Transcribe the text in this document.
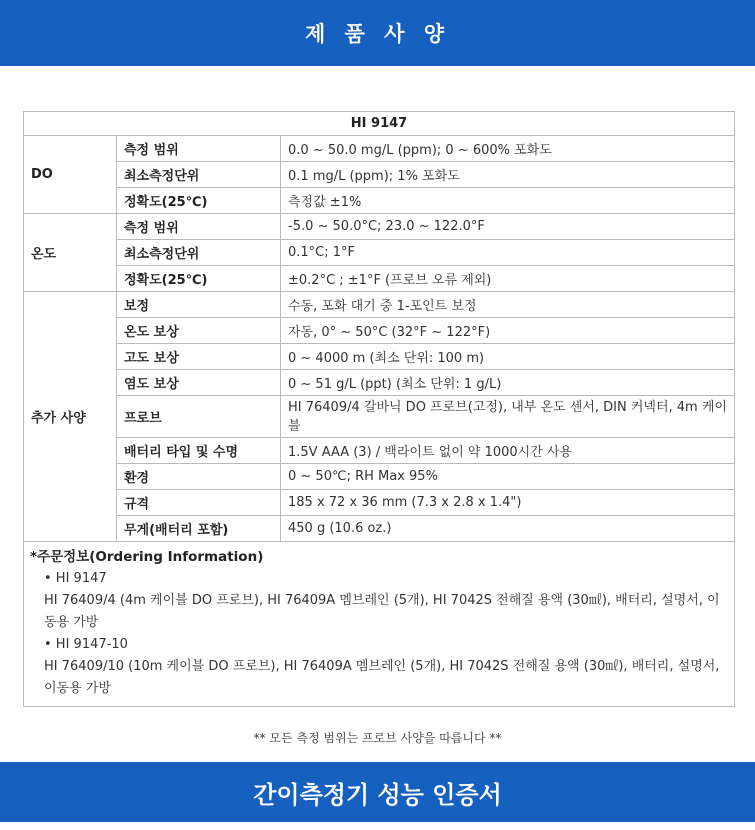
제 품 사 양
HI 9147		
DO	측정 범위	0.0 ~ 50.0 mg/L (ppm); 0 ~ 600% 포화도
	최소측정단위	0.1 mg/L (ppm); 1% 포화도
	정확도(25℃)	측정값 ±1%
온도	측정 범위	-5.0 ~ 50.0°C; 23.0 ~ 122.0°F
	최소측정단위	0.1°C; 1°F
	정확도(25℃)	±0.2°C ; ±1°F (프로브 오류 제외)
추가 사양	보정	수동, 포화 대기 중 1-포인트 보정
	온도 보상	자동, 0° ~ 50°C (32°F ~ 122°F)
	고도 보상	0 ~ 4000 m (최소 단위: 100 m)
	염도 보상	0 ~ 51 g/L (ppt) (최소 단위: 1 g/L)
	프로브	HI 76409/4 갈바닉 DO 프로브(고정), 내부 온도 센서, DIN 커넥터, 4m 케이블
	배터리 타입 및 수명	1.5V AAA (3) / 백라이트 없이 약 1000시간 사용
	환경	0 ~ 50℃; RH Max 95%
	규격	185 x 72 x 36 mm (7.3 x 2.8 x 1.4")
	무게(배터리 포함)	450 g (10.6 oz.)

*주문정보(Ordering Information)
• HI 9147
HI 76409/4 (4m 케이블 DO 프로브), HI 76409A 멤브레인 (5개), HI 7042S 전해질 용액 (30㎖), 배터리, 설명서, 이동용 가방
• HI 9147-10
HI 76409/10 (10m 케이블 DO 프로브), HI 76409A 멤브레인 (5개), HI 7042S 전해질 용액 (30㎖), 배터리, 설명서, 이동용 가방		
** 모든 측정 범위는 프로브 사양을 따릅니다 **
간이측정기 성능 인증서
